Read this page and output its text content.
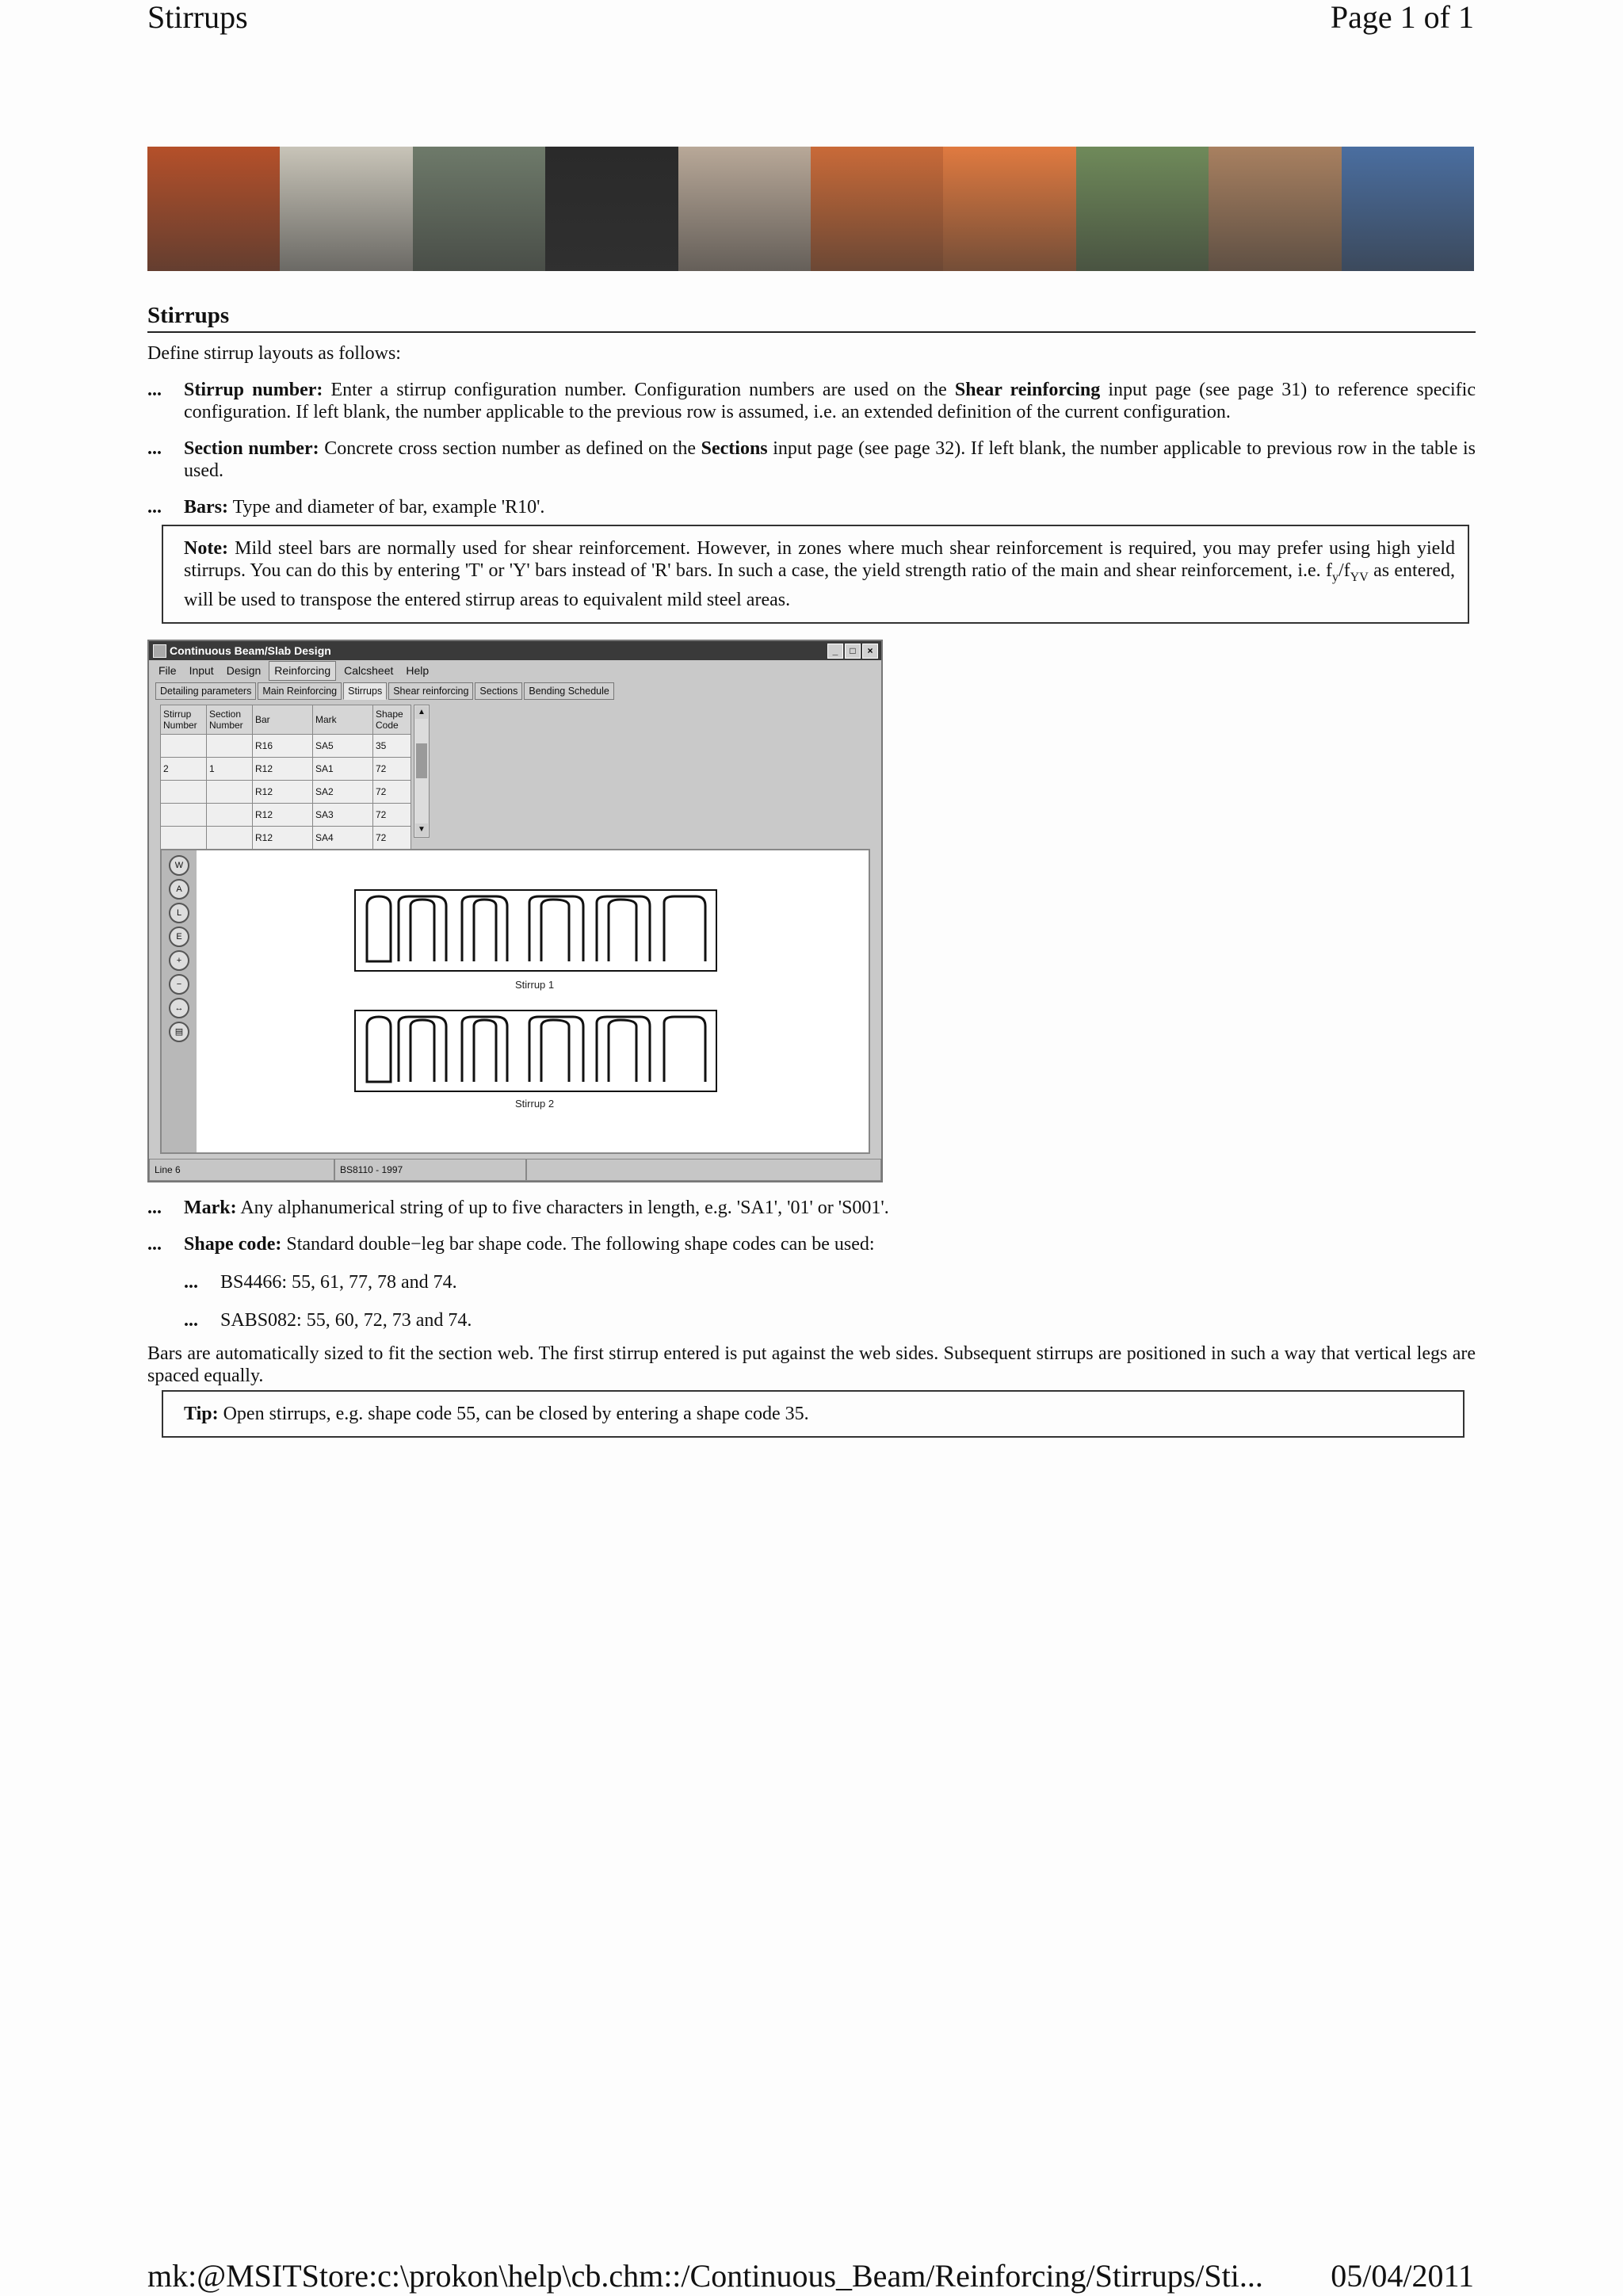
Stirrups	Page 1 of 1
Stirrups

Define stirrup layouts as follows:

... Stirrup number: Enter a stirrup configuration number. Configuration numbers are used on the Shear reinforcing input page (see page 31) to reference specific configuration. If left blank, the number applicable to the previous row is assumed, i.e. an extended definition of the current configuration.
... Section number: Concrete cross section number as defined on the Sections input page (see page 32). If left blank, the number applicable to previous row in the table is used.
... Bars: Type and diameter of bar, example 'R10'.
Note: Mild steel bars are normally used for shear reinforcement. However, in zones where much shear reinforcement is required, you may prefer using high yield stirrups. You can do this by entering 'T' or 'Y' bars instead of 'R' bars. In such a case, the yield strength ratio of the main and shear reinforcement, i.e. $f_y/f_{YV}$ as entered, will be used to transpose the entered stirrup areas to equivalent mild steel areas.
Continuous Beam/Slab Design	_	□	×
File	Input	Design	Reinforcing	Calcsheet	Help
Detailing parameters	Main Reinforcing	Stirrups	Shear reinforcing	Sections	Bending Schedule
Stirrup Number	Section Number	Bar	Mark	Shape Code
		R16	SA5	35
2	1	R12	SA1	72
		R12	SA2	72
		R12	SA3	72
		R12	SA4	72

▲
▼
W
A
L
E
+
−
↔
▤
Stirrup 1
Stirrup 2
Line 6	BS8110 - 1997
... Mark: Any alphanumerical string of up to five characters in length, e.g. 'SA1', '01' or 'S001'.
... Shape code: Standard double−leg bar shape code. The following shape codes can be used:
... BS4466: 55, 61, 77, 78 and 74.
... SABS082: 55, 60, 72, 73 and 74.

Bars are automatically sized to fit the section web. The first stirrup entered is put against the web sides. Subsequent stirrups are positioned in such a way that vertical legs are spaced equally.

Tip: Open stirrups, e.g. shape code 55, can be closed by entering a shape code 35.
mk:@MSITStore:c:\prokon\help\cb.chm::/Continuous_Beam/Reinforcing/Stirrups/Sti... 05/04/2011
